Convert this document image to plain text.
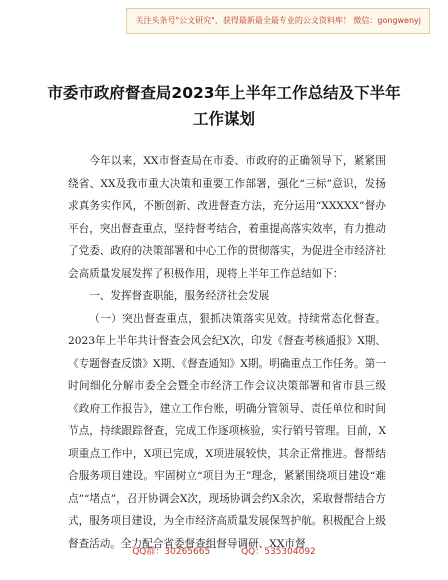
关注头条号"公文研究"，获得最新最全最专业的公文资料库！ 微信：gongwenyj
市委市政府督查局2023年上半年工作总结及下半年工作谋划

今年以来，XX市督查局在市委、市政府的正确领导下，紧紧围绕省、XX及我市重大决策和重要工作部署，强化“三标”意识，发扬求真务实作风，不断创新、改进督查方法，充分运用“XXXXX”督办平台，突出督查重点，坚持督考结合，着重提高落实效率，有力推动了党委、政府的决策部署和中心工作的贯彻落实，为促进全市经济社会高质量发展发挥了积极作用，现将上半年工作总结如下：

一、发挥督查职能，服务经济社会发展

（一）突出督查重点，狠抓决策落实见效。持续常态化督查。2023年上半年共计督查会风会纪X次，印发《督查考核通报》X期、《专题督查反馈》X期、《督查通知》X期。明确重点工作任务。第一时间细化分解市委全会暨全市经济工作会议决策部署和省市县三级《政府工作报告》，建立工作台账，明确分管领导、责任单位和时间节点，持续跟踪督查，完成工作逐项核验，实行销号管理。目前，X项重点工作中，X项已完成，X项进展较快，其余正常推进。督帮结合服务项目建设。牢固树立“项目为王”理念，紧紧围绕项目建设“难点”“堵点”，召开协调会X次，现场协调会约X余次，采取督帮结合方式，服务项目建设，为全市经济高质量发展保驾护航。积极配合上级督查活动。全力配合省委督查组督导调研、XX市督

QQ群：30265665	QQ：535304092
